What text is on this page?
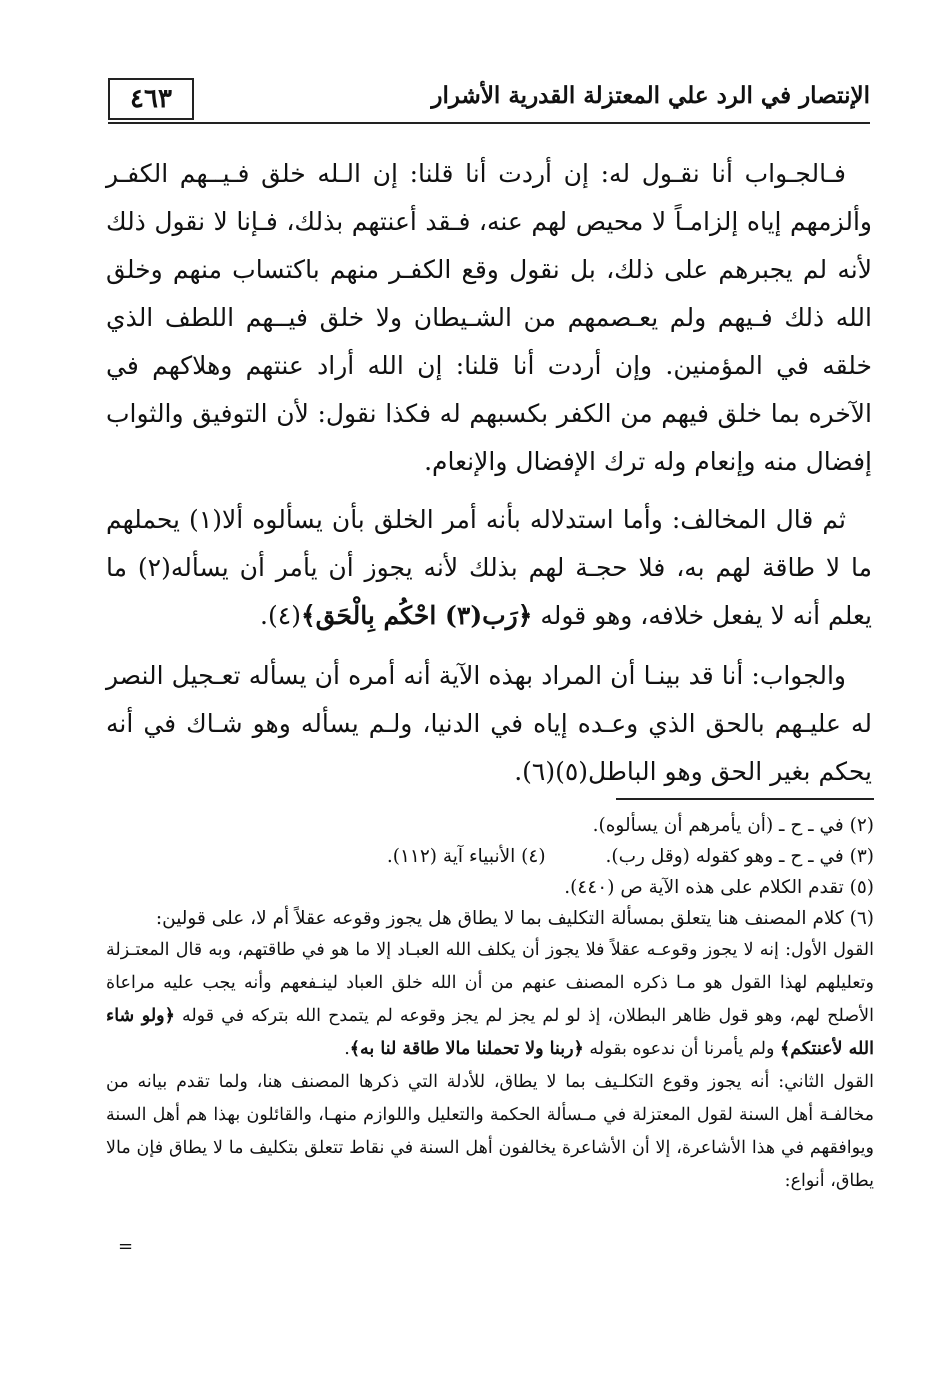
٤٦٣	الإنتصار في الرد علي المعتزلة القدرية الأشرار

فـالجـواب أنا نقـول له: إن أردت أنا قلنا: إن الـله خلق فـيــهم الكفـر وألزمهم إياه إلزامـاً لا محيص لهم عنه، فـقد أعنتهم بذلك، فـإنا لا نقول ذلك لأنه لم يجبرهم على ذلك، بل نقول وقع الكفـر منهم باكتساب منهم وخلق الله ذلك فـيهم ولم يعـصمهم من الشـيطان ولا خلق فيــهم اللطف الذي خلقه في المؤمنين. وإن أردت أنا قلنا: إن الله أراد عنتهم وهلاكهم في الآخره بما خلق فيهم من الكفر بكسبهم له فكذا نقول: لأن التوفيق والثواب إفضال منه وإنعام وله ترك الإفضال والإنعام.

ثم قال المخالف: وأما استدلاله بأنه أمر الخلق بأن يسألوه ألا(١) يحملهم ما لا طاقة لهم به، فلا حجـة لهم بذلك لأنه يجوز أن يأمر أن يسأله(٢) ما يعلم أنه لا يفعل خلافه، وهو قوله ﴿رَب(٣) احْكُم بِالْحَق﴾(٤).

والجواب: أنا قد بينـا أن المراد بهذه الآية أنه أمره أن يسأله تعـجيل النصر له عليـهم بالحق الذي وعـده إياه في الدنيا، ولـم يسأله وهو شـاك في أنه يحكم بغير الحق وهو الباطل(٥)(٦).

(٢) في ـ ح ـ (أن يأمرهم أن يسألوه).

(٣) في ـ ح ـ وهو كقوله (وقل رب).

(٤) الأنبياء آية (١١٢).

(٥) تقدم الكلام على هذه الآية ص (٤٤٠).

(٦) كلام المصنف هنا يتعلق بمسألة التكليف بما لا يطاق هل يجوز وقوعه عقلاً أم لا، على قولين:

القول الأول: إنه لا يجوز وقوعـه عقلاً فلا يجوز أن يكلف الله العبـاد إلا ما هو في طاقتهم، وبه قال المعتـزلة وتعليلهم لهذا القول هو مـا ذكره المصنف عنهم من أن الله خلق العباد لينـفعهم وأنه يجب عليه مراعاة الأصلح لهم، وهو قول ظاهر البطلان، إذ لو لم يجز لم يجز وقوعه لم يتمدح الله بتركه في قوله ﴿ولو شاء الله لأعنتكم﴾ ولم يأمرنا أن ندعوه بقوله ﴿ربنا ولا تحملنا مالا طاقة لنا به﴾.

القول الثاني: أنه يجوز وقوع التكلـيف بما لا يطاق، للأدلة التي ذكرها المصنف هنا، ولما تقدم بيانه من مخالفـة أهل السنة لقول المعتزلة في مـسألة الحكمة والتعليل واللوازم منهـا، والقائلون بهذا هم أهل السنة ويوافقهم في هذا الأشاعرة، إلا أن الأشاعرة يخالفون أهل السنة في نقاط تتعلق بتكليف ما لا يطاق فإن مالا يطاق، أنواع:

=
